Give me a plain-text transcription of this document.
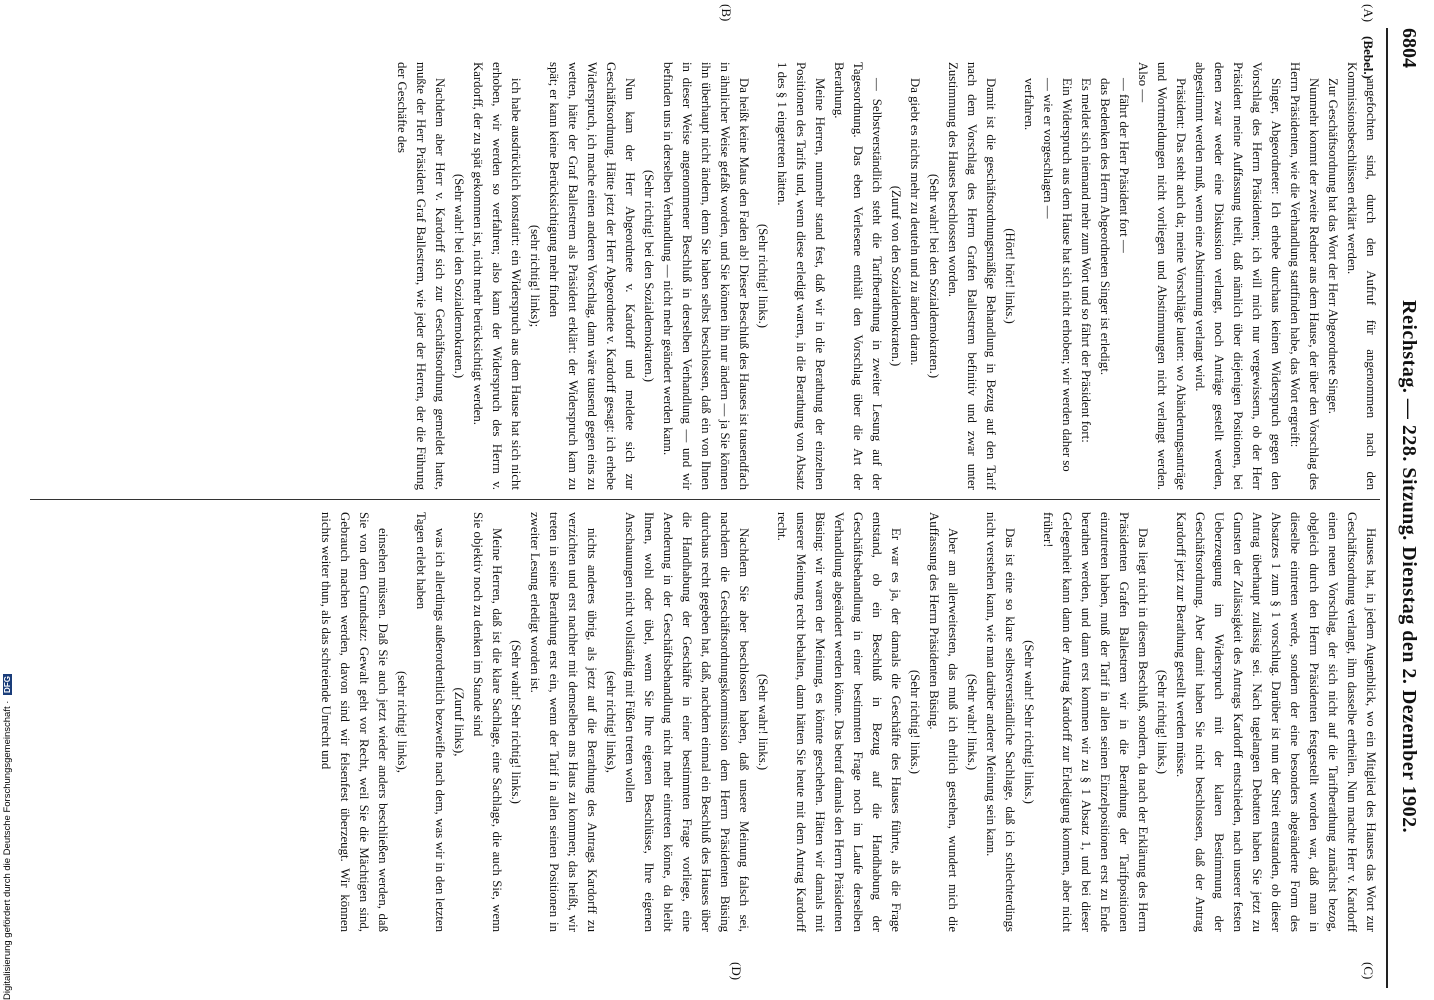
6804
Reichstag. — 228. Sitzung. Dienstag den 2. Dezember 1902.
(A)
(Bebel.)
(B)
(C)
(D)

angefochten sind, durch den Aufruf für angenommen nach den Kommissionsbeschlüssen erklärt werden.

Zur Geschäftsordnung hat das Wort der Herr Abgeordnete Singer.

Nunmehr kommt der zweite Redner aus dem Hause, der über den Vorschlag des Herrn Präsidenten, wie die Verhandlung stattfinden habe, das Wort ergreift:

Singer, Abgeordneter: Ich erhebe durchaus keinen Widerspruch gegen den Vorschlag des Herrn Präsidenten; ich will mich nur vergewissern, ob der Herr Präsident meine Auffassung theilt, daß nämlich über diejenigen Positionen, bei denen zwar weder eine Diskussion verlangt, noch Anträge gestellt werden, abgestimmt werden muß, wenn eine Abstimmung verlangt wird.

Präsident: Das steht auch da; meine Vorschläge lauten: wo Abänderungsanträge und Wortmeldungen nicht vorliegen und Abstimmungen nicht verlangt werden. Also —

— fährt der Herr Präsident fort —

das Bedenken des Herrn Abgeordneten Singer ist erledigt.

Es meldet sich niemand mehr zum Wort und so fährt der Präsident fort:

Ein Widerspruch aus dem Hause hat sich nicht erhoben; wir werden daher so

— wie er vorgeschlagen —

verfahren.

(Hört! hört! links.)

Damit ist die geschäftsordnungsmäßige Behandlung in Bezug auf den Tarif nach dem Vorschlag des Herrn Grafen Ballestrem befinitiv und zwar unter Zustimmung des Hauses beschlossen worden.

(Sehr wahr! bei den Sozialdemokraten.)

Da giebt es nichts mehr zu deuteln und zu ändern daran.

(Zuruf von den Sozialdemokraten.)

— Selbstverständlich steht die Tarifberathung in zweiter Lesung auf der Tagesordnung. Das eben Verlesene enthält den Vorschlag über die Art der Berathung.

Meine Herren, nunmehr stand fest, daß wir in die Berathung der einzelnen Positionen des Tarifs und, wenn diese erledigt waren, in die Berathung von Absatz 1 des § 1 eingetreten hätten.

(Sehr richtig! links.)

Da heißt keine Maus den Faden ab! Dieser Beschluß des Hauses ist tausendfach in ähnlicher Weise gefaßt worden, und Sie können ihn nur ändern — ja Sie können ihn überhaupt nicht ändern, denn Sie haben selbst beschlossen, daß ein von Ihnen in dieser Weise angenommener Beschluß in derselben Verhandlung — und wir befinden uns in derselben Verhandlung — nicht mehr geändert werden kann.

(Sehr richtig! bei den Sozialdemokraten.)

Nun kam der Herr Abgeordnete v. Kardorff und meldete sich zur Geschäftsordnung. Hätte jetzt der Herr Abgeordnete v. Kardorff gesagt: ich erhebe Widerspruch, ich mache einen anderen Vorschlag, dann wäre tausend gegen eins zu wetten, hätte der Graf Ballestrem als Präsident erklärt: der Widerspruch kam zu spät; er kann keine Berücksichtigung mehr finden

(sehr richtig! links);

ich habe ausdrücklich konstatirt: ein Widerspruch aus dem Hause hat sich nicht erhoben, wir werden so verfahren; also kann der Widerspruch des Herrn v. Kardorff, der zu spät gekommen ist, nicht mehr berücksichtigt werden.

(Sehr wahr! bei den Sozialdemokraten.)

Nachdem aber Herr v. Kardorff sich zur Geschäftsordnung gemeldet hatte, mußte der Herr Präsident Graf Ballestrem, wie jeder der Herren, der die Führung der Geschäfte des

Hauses hat, in jedem Augenblick, wo ein Mitglied des Hauses das Wort zur Geschäftsordnung verlangt, ihm dasselbe ertheilen. Nun machte Herr v. Kardorff einen neuen Vorschlag, der sich nicht auf die Tarifberathung zunächst bezog, obgleich durch den Herrn Präsidenten festgestellt worden war, daß man in dieselbe eintreten werde, sondern der eine besonders abgeänderte Form des Absatzes 1 zum § 1 vorschlug. Darüber ist nun der Streit entstanden, ob dieser Antrag überhaupt zulässig sei. Nach tagelangen Debatten haben Sie jetzt zu Gunsten der Zulässigkeit des Antrags Kardorff entschieden, nach unserer festen Ueberzeugung im Widerspruch mit der klaren Bestimmung der Geschäftsordnung. Aber damit haben Sie nicht beschlossen, daß der Antrag Kardorff jetzt zur Berathung gestellt werden müsse.

(Sehr richtig! links.)

Das liegt nicht in diesem Beschluß, sondern, da nach der Erklärung des Herrn Präsidenten Grafen Ballestrem wir in die Berathung der Tarifpositionen einzutreten haben, muß der Tarif in allen seinen Einzelpositionen erst zu Ende berathen werden, und dann erst kommen wir zu § 1 Absatz 1, und bei dieser Gelegenheit kann dann der Antrag Kardorff zur Erledigung kommen, aber nicht früher!

(Sehr wahr! Sehr richtig! links.)

Das ist eine so klare selbstverständliche Sachlage, daß ich schlechterdings nicht verstehen kann, wie man darüber anderer Meinung sein kann.

(Sehr wahr! links.)

Aber am allerweitesten, das muß ich ehrlich gestehen, wundert mich die Auffassung des Herrn Präsidenten Büsing.

(Sehr richtig! links.)

Er war es ja, der damals die Geschäfte des Hauses führte, als die Frage entstand, ob ein Beschluß in Bezug auf die Handhabung der Geschäftsbehandlung in einer bestimmten Frage noch im Laufe derselben Verhandlung abgeändert werden könne. Das betraf damals den Herrn Präsidenten Büsing: wir waren der Meinung, es könnte geschehen. Hätten wir damals mit unserer Meinung recht behalten, dann hätten Sie heute mit dem Antrag Kardorff recht.

(Sehr wahr! links.)

Nachdem Sie aber beschlossen haben, daß unsere Meinung falsch sei, nachdem die Geschäftsordnungskommission dem Herrn Präsidenten Büsing durchaus recht gegeben hat, daß, nachdem einmal ein Beschluß des Hauses über die Handhabung der Geschäfte in einer bestimmten Frage vorliege, eine Aenderung in der Geschäftsbehandlung nicht mehr eintreten könne, da bleibt Ihnen, wohl oder übel, wenn Sie Ihre eigenen Beschlüsse, Ihre eigenen Anschauungen nicht vollständig mit Füßen treten wollen

(sehr richtig! links),

nichts anderes übrig, als jetzt auf die Berathung des Antrags Kardorff zu verzichten und erst nachher mit demselben ans Haus zu kommen; das heißt, wir treten in seine Berathung erst ein, wenn der Tarif in allen seinen Positionen in zweiter Lesung erledigt worden ist.

(Sehr wahr! Sehr richtig! links.)

Meine Herren, daß ist die klare Sachlage, eine Sachlage, die auch Sie, wenn Sie objektiv noch zu denken im Stande sind

(Zuruf links),

was ich allerdings außerordentlich bezweifle nach dem, was wir in den letzten Tagen erlebt haben

(sehr richtig! links),

einsehen müssen. Daß Sie auch jetzt wieder anders beschließen werden, daß Sie von dem Grundsatz: Gewalt geht vor Recht, weil Sie die Mächtigen sind, Gebrauch machen werden, davon sind wir felsenfest überzeugt. Wir können nichts weiter thun, als das schreiende Unrecht und

Digitalisierung gefördert durch die Deutsche Forschungsgemeinschaft · DFG
